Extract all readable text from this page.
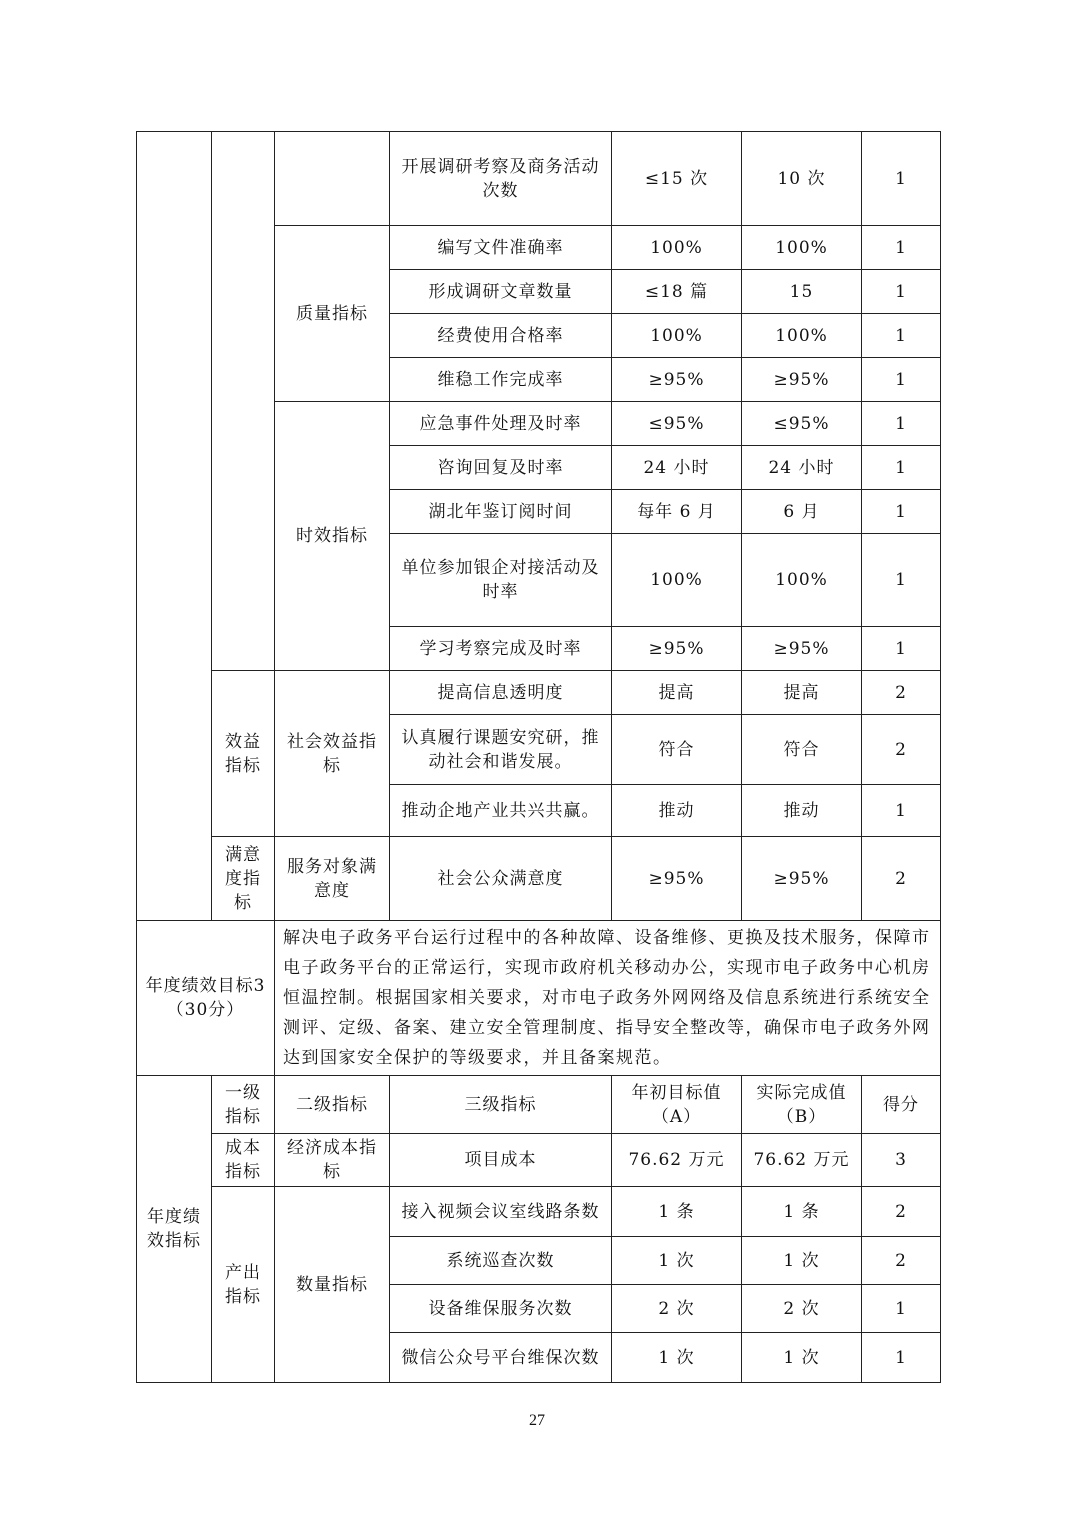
			开展调研考察及商务活动次数	≤15 次	10 次	1
		质量指标	编写文件准确率	100%	100%	1
			形成调研文章数量	≤18 篇	15	1
			经费使用合格率	100%	100%	1
			维稳工作完成率	≥95%	≥95%	1
		时效指标	应急事件处理及时率	≤95%	≤95%	1
			咨询回复及时率	24 小时	24 小时	1
			湖北年鉴订阅时间	每年 6 月	6 月	1
			单位参加银企对接活动及时率	100%	100%	1
			学习考察完成及时率	≥95%	≥95%	1
	效益指标	社会效益指标	提高信息透明度	提高	提高	2
			认真履行课题安究研，推动社会和谐发展。	符合	符合	2
			推动企地产业共兴共赢。	推动	推动	1
	满意度指标	服务对象满意度	社会公众满意度	≥95%	≥95%	2
年度绩效目标3（30分）		解决电子政务平台运行过程中的各种故障、设备维修、更换及技术服务，保障市电子政务平台的正常运行，实现市政府机关移动办公，实现市电子政务中心机房恒温控制。根据国家相关要求，对市电子政务外网网络及信息系统进行系统安全测评、定级、备案、建立安全管理制度、指导安全整改等，确保市电子政务外网达到国家安全保护的等级要求，并且备案规范。				
年度绩效指标	一级指标	二级指标	三级指标	年初目标值（A）	实际完成值（B）	得分
	成本指标	经济成本指标	项目成本	76.62 万元	76.62 万元	3
	产出指标	数量指标	接入视频会议室线路条数	1 条	1 条	2
			系统巡查次数	1 次	1 次	2
			设备维保服务次数	2 次	2 次	1
			微信公众号平台维保次数	1 次	1 次	1
27
